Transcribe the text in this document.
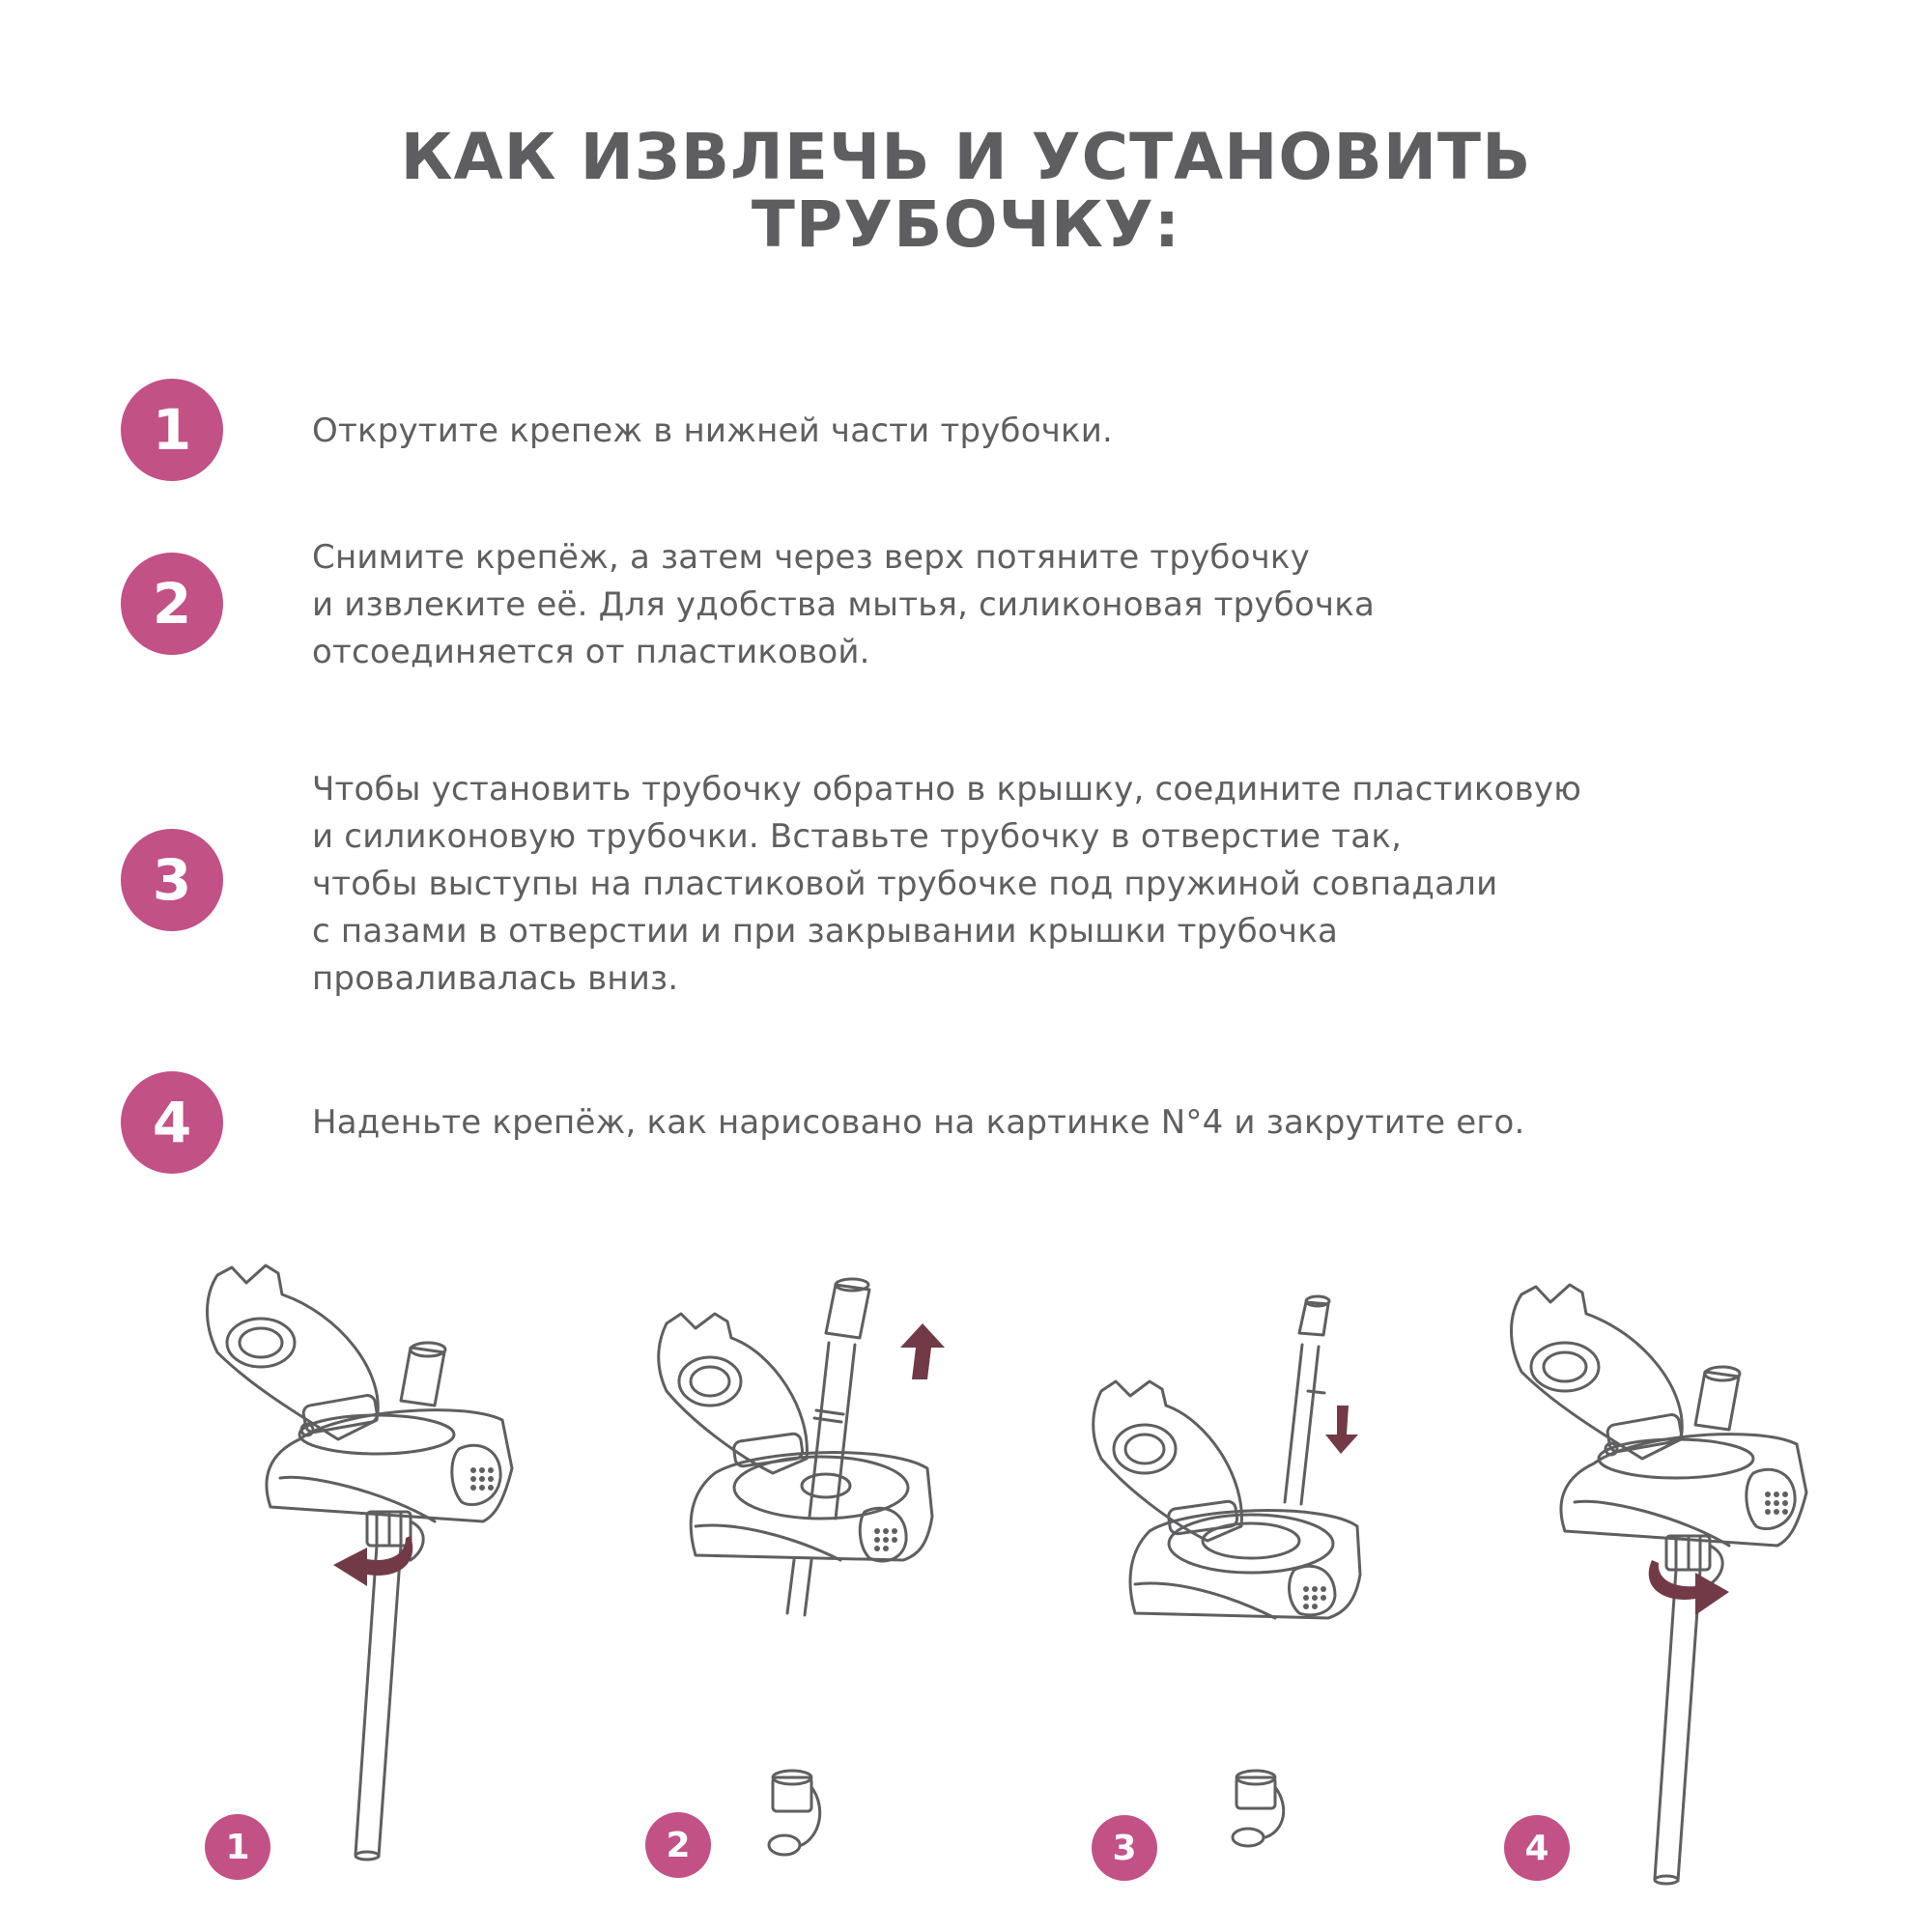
КАК ИЗВЛЕЧЬ И УСТАНОВИТЬ
ТРУБОЧКУ:
1	Открутите крепеж в нижней части трубочки.
2
Снимите крепёж, а затем через верх потяните трубочку
и извлеките её. Для удобства мытья, силиконовая трубочка
отсоединяется от пластиковой.
3
Чтобы установить трубочку обратно в крышку, соедините пластиковую
и силиконовую трубочки. Вставьте трубочку в отверстие так,
чтобы выступы на пластиковой трубочке под пружиной совпадали
с пазами в отверстии и при закрывании крышки трубочка
проваливалась вниз.
4	Наденьте крепёж, как нарисовано на картинке N°4 и закрутите его.
1	2	3	4
